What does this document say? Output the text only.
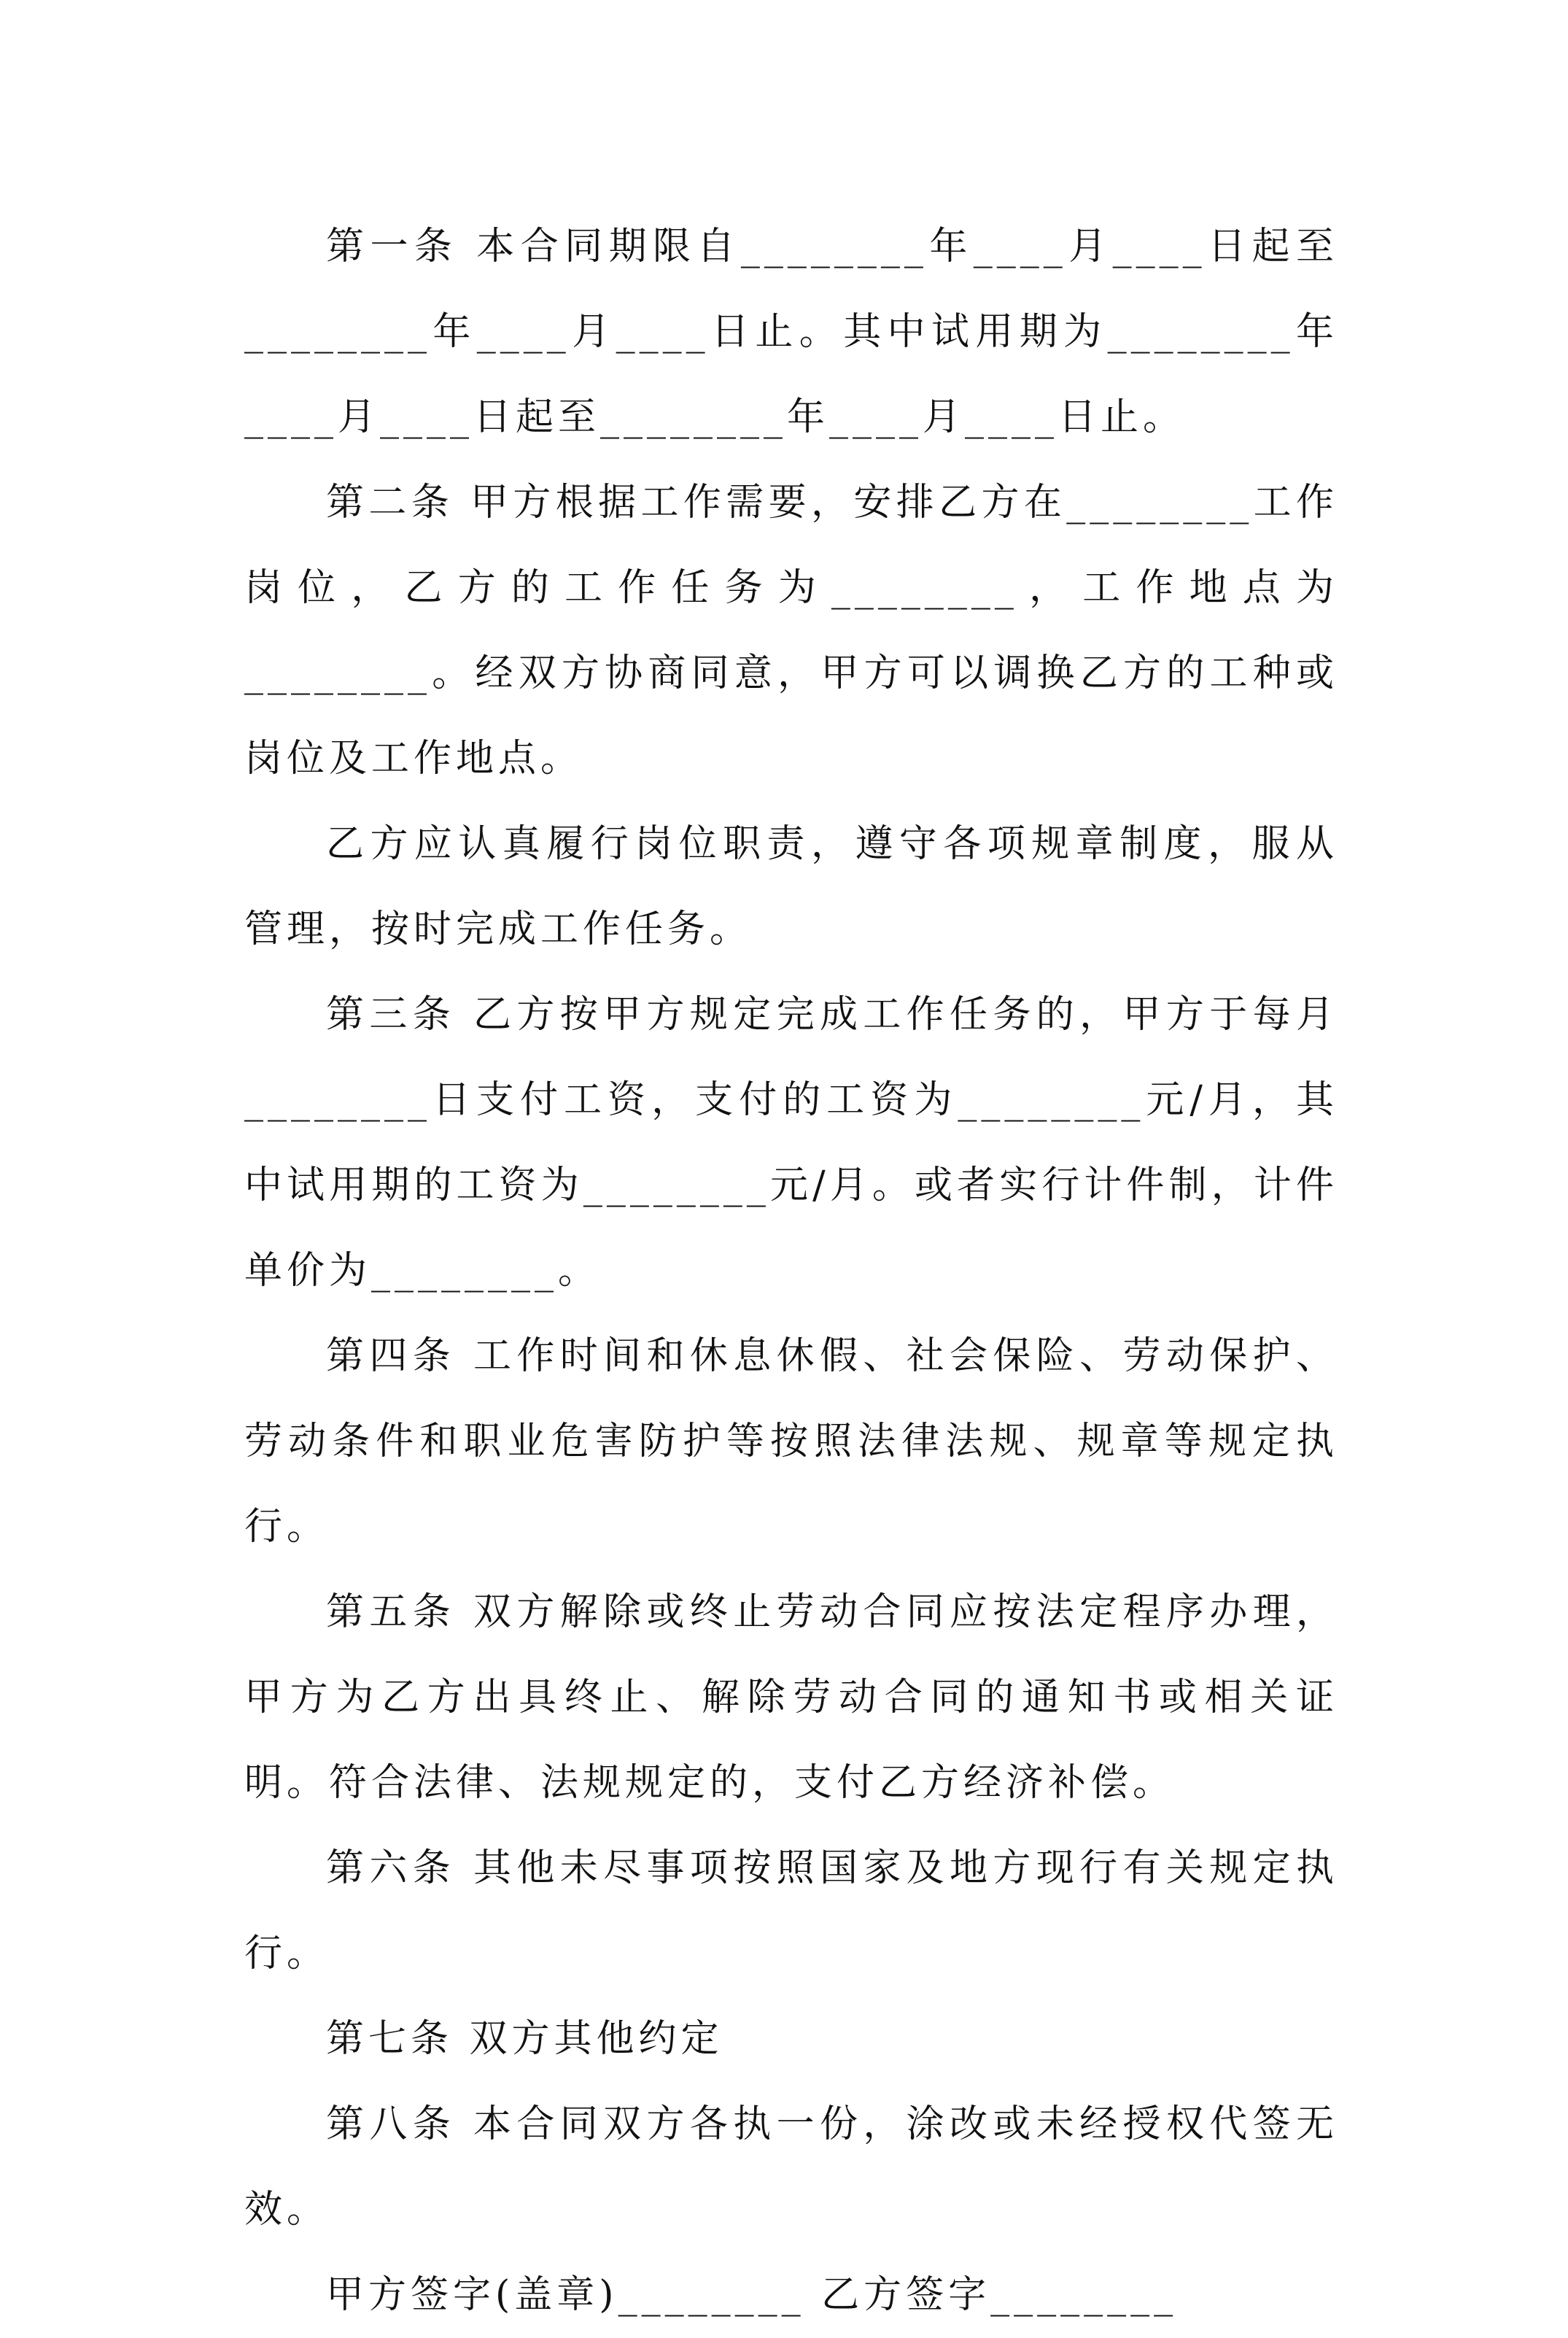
第一条 本合同期限自________年____月____日起至________年____月____日止。其中试用期为________年____月____日起至________年____月____日止。

第二条 甲方根据工作需要，安排乙方在________工作岗位，乙方的工作任务为________，工作地点为________。经双方协商同意，甲方可以调换乙方的工种或岗位及工作地点。

乙方应认真履行岗位职责，遵守各项规章制度，服从管理，按时完成工作任务。

第三条 乙方按甲方规定完成工作任务的，甲方于每月________日支付工资，支付的工资为________元/月，其中试用期的工资为________元/月。或者实行计件制，计件单价为________。

第四条 工作时间和休息休假、社会保险、劳动保护、劳动条件和职业危害防护等按照法律法规、规章等规定执行。

第五条 双方解除或终止劳动合同应按法定程序办理，甲方为乙方出具终止、解除劳动合同的通知书或相关证明。符合法律、法规规定的，支付乙方经济补偿。

第六条 其他未尽事项按照国家及地方现行有关规定执行。

第七条 双方其他约定

第八条 本合同双方各执一份，涂改或未经授权代签无效。

甲方签字(盖章)________ 乙方签字________
